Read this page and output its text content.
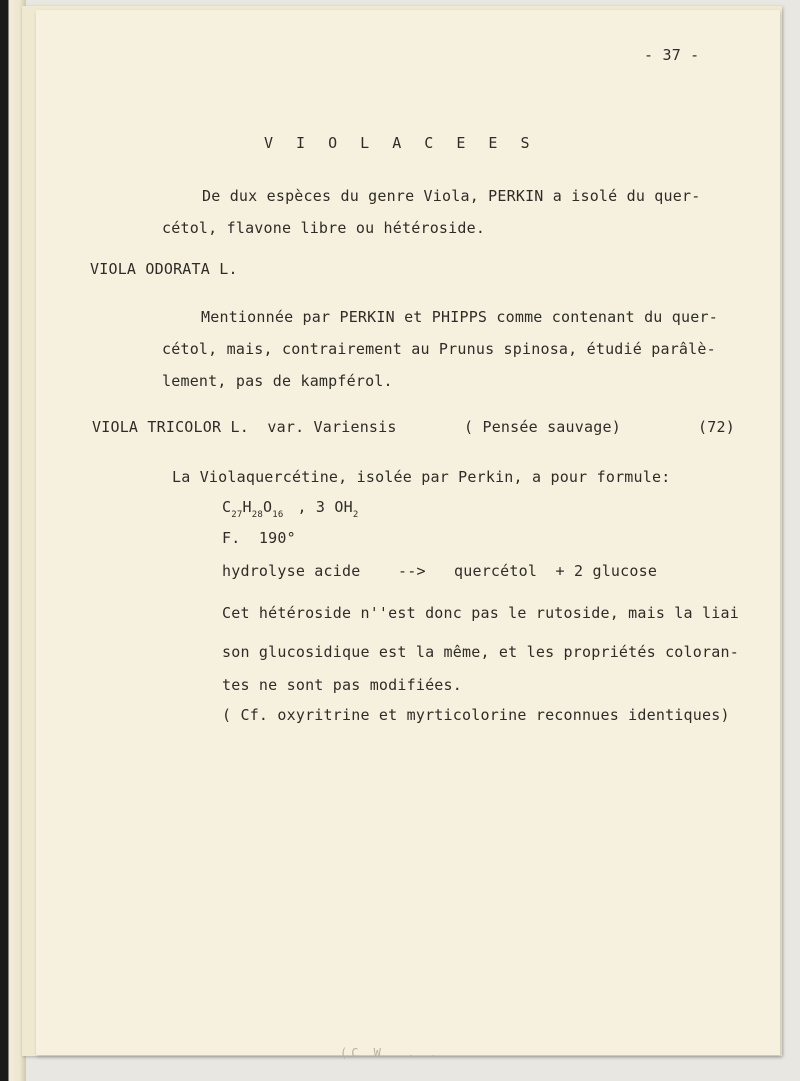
- 37 -
V I O L A C E E S
De dux espèces du genre Viola, PERKIN a isolé du quer-
cétol, flavone libre ou hétéroside.
VIOLA ODORATA L.
Mentionnée par PERKIN et PHIPPS comme contenant du quer-
cétol, mais, contrairement au Prunus spinosa, étudié parâlè-
lement, pas de kampférol.
VIOLA TRICOLOR L.  var. Variensis	( Pensée sauvage)	(72)
La Violaquercétine, isolée par Perkin, a pour formule:
$C_{27}H_{28}O_{16}$ , 3 $OH_2$
F.  190°
hydrolyse acide	--> quercétol  + 2 glucose
Cet hétéroside n''est donc pas le rutoside, mais la liai
son glucosidique est la même, et les propriétés coloran-
tes ne sont pas modifiées.
( Cf. oxyritrine et myrticolorine reconnues identiques)
(C W  . .
